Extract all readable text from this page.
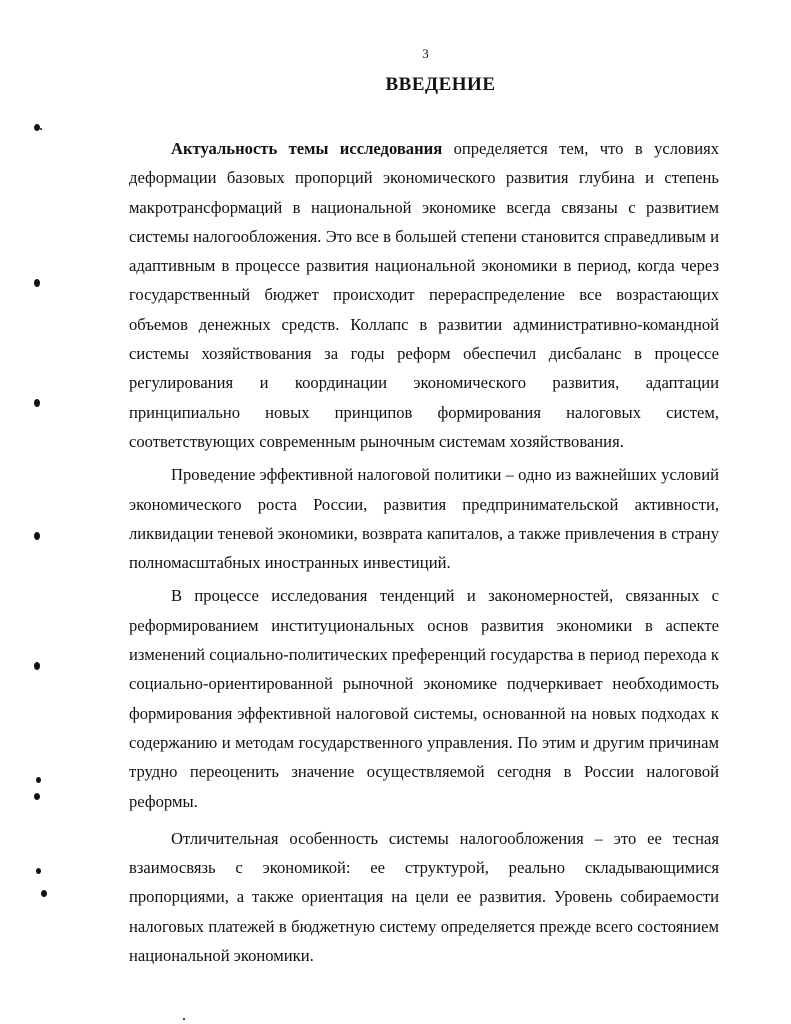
3
ВВЕДЕНИЕ

Актуальность темы исследования определяется тем, что в условиях деформации базовых пропорций экономического развития глубина и степень макротрансформаций в национальной экономике всегда связаны с развитием системы налогообложения. Это все в большей степени становится справедливым и адаптивным в процессе развития национальной экономики в период, когда через государственный бюджет происходит перераспределение все возрастающих объемов денежных средств. Коллапс в развитии административно-командной системы хозяйствования за годы реформ обеспечил дисбаланс в процессе регулирования и координации экономического развития, адаптации принципиально новых принципов формирования налоговых систем, соответствующих современным рыночным системам хозяйствования.

Проведение эффективной налоговой политики – одно из важнейших условий экономического роста России, развития предпринимательской активности, ликвидации теневой экономики, возврата капиталов, а также привлечения в страну полномасштабных иностранных инвестиций.

В процессе исследования тенденций и закономерностей, связанных с реформированием институциональных основ развития экономики в аспекте изменений социально-политических преференций государства в период перехода к социально-ориентированной рыночной экономике подчеркивает необходимость формирования эффективной налоговой системы, основанной на новых подходах к содержанию и методам государственного управления. По этим и другим причинам трудно переоценить значение осуществляемой сегодня в России налоговой реформы.

Отличительная особенность системы налогообложения – это ее тесная взаимосвязь с экономикой: ее структурой, реально складывающимися пропорциями, а также ориентация на цели ее развития. Уровень собираемости налоговых платежей в бюджетную систему определяется прежде всего состоянием национальной экономики.
